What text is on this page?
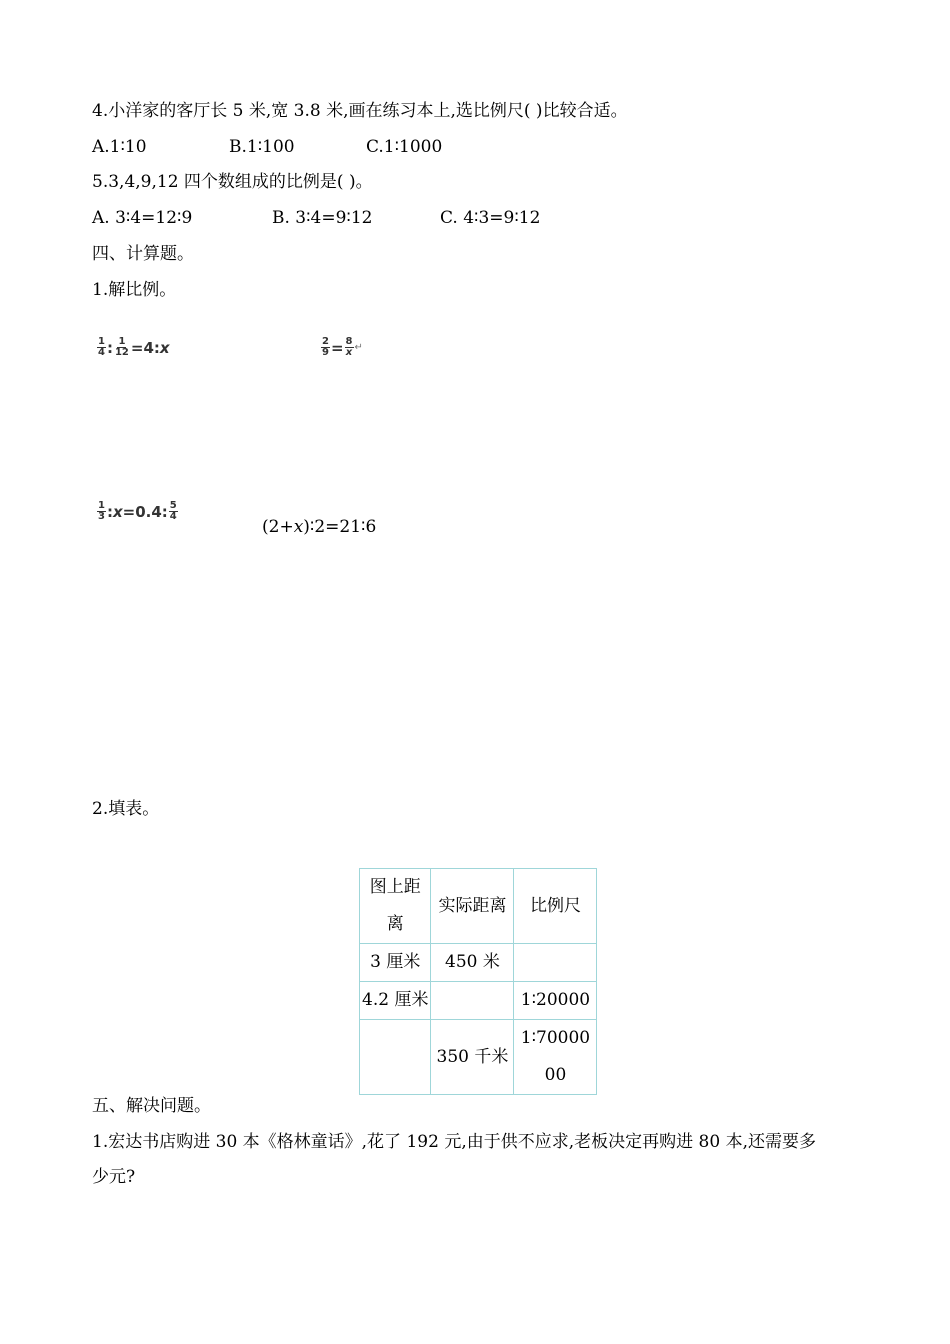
4.小洋家的客厅长 5 米,宽 3.8 米,画在练习本上,选比例尺( )比较合适。
A.1∶10	B.1∶100	C.1∶1000
5.3,4,9,12 四个数组成的比例是( )。
A. 3∶4=12∶9	B. 3∶4=9∶12	C. 4∶3=9∶12
四、计算题。
1.解比例。
$\frac{1}{4}$ : $\frac{1}{12} =4$: x	$\frac{2}{9} = \frac{8}{x}$ ↵
$\frac{1}{3}$ : x =0.4: $\frac{5}{4}$
(2+x)∶2=21∶6
2.填表。
图上距离	实际距离	比例尺
3 厘米	450 米	
4.2 厘米		1∶20000
	350 千米	1∶7000000
五、解决问题。
1.宏达书店购进 30 本《格林童话》,花了 192 元,由于供不应求,老板决定再购进 80 本,还需要多
少元?
